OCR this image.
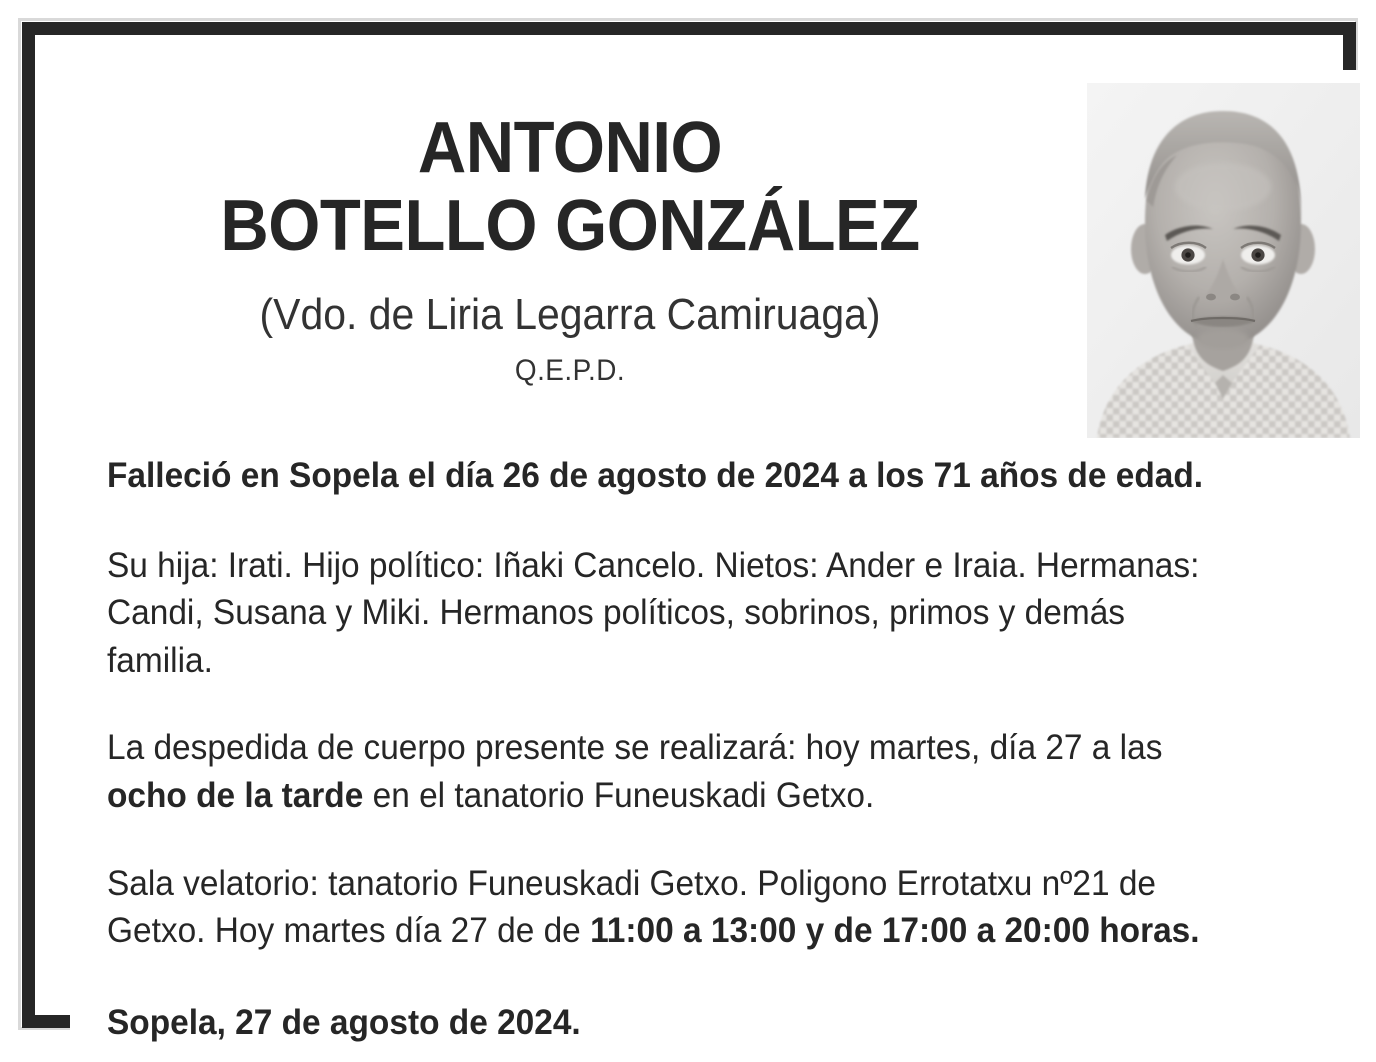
ANTONIO
BOTELLO GONZÁLEZ
(Vdo. de Liria Legarra Camiruaga)
Q.E.P.D.

Falleció en Sopela el día 26 de agosto de 2024 a los 71 años de edad.

Su hija: Irati. Hijo político: Iñaki Cancelo. Nietos: Ander e Iraia. Hermanas: Candi, Susana y Miki. Hermanos políticos, sobrinos, primos y demás familia.

La despedida de cuerpo presente se realizará: hoy martes, día 27 a las ocho de la tarde en el tanatorio Funeuskadi Getxo.

Sala velatorio: tanatorio Funeuskadi Getxo. Poligono Errotatxu nº21 de Getxo. Hoy martes día 27 de de 11:00 a 13:00 y de 17:00 a 20:00 horas.

Sopela, 27 de agosto de 2024.
